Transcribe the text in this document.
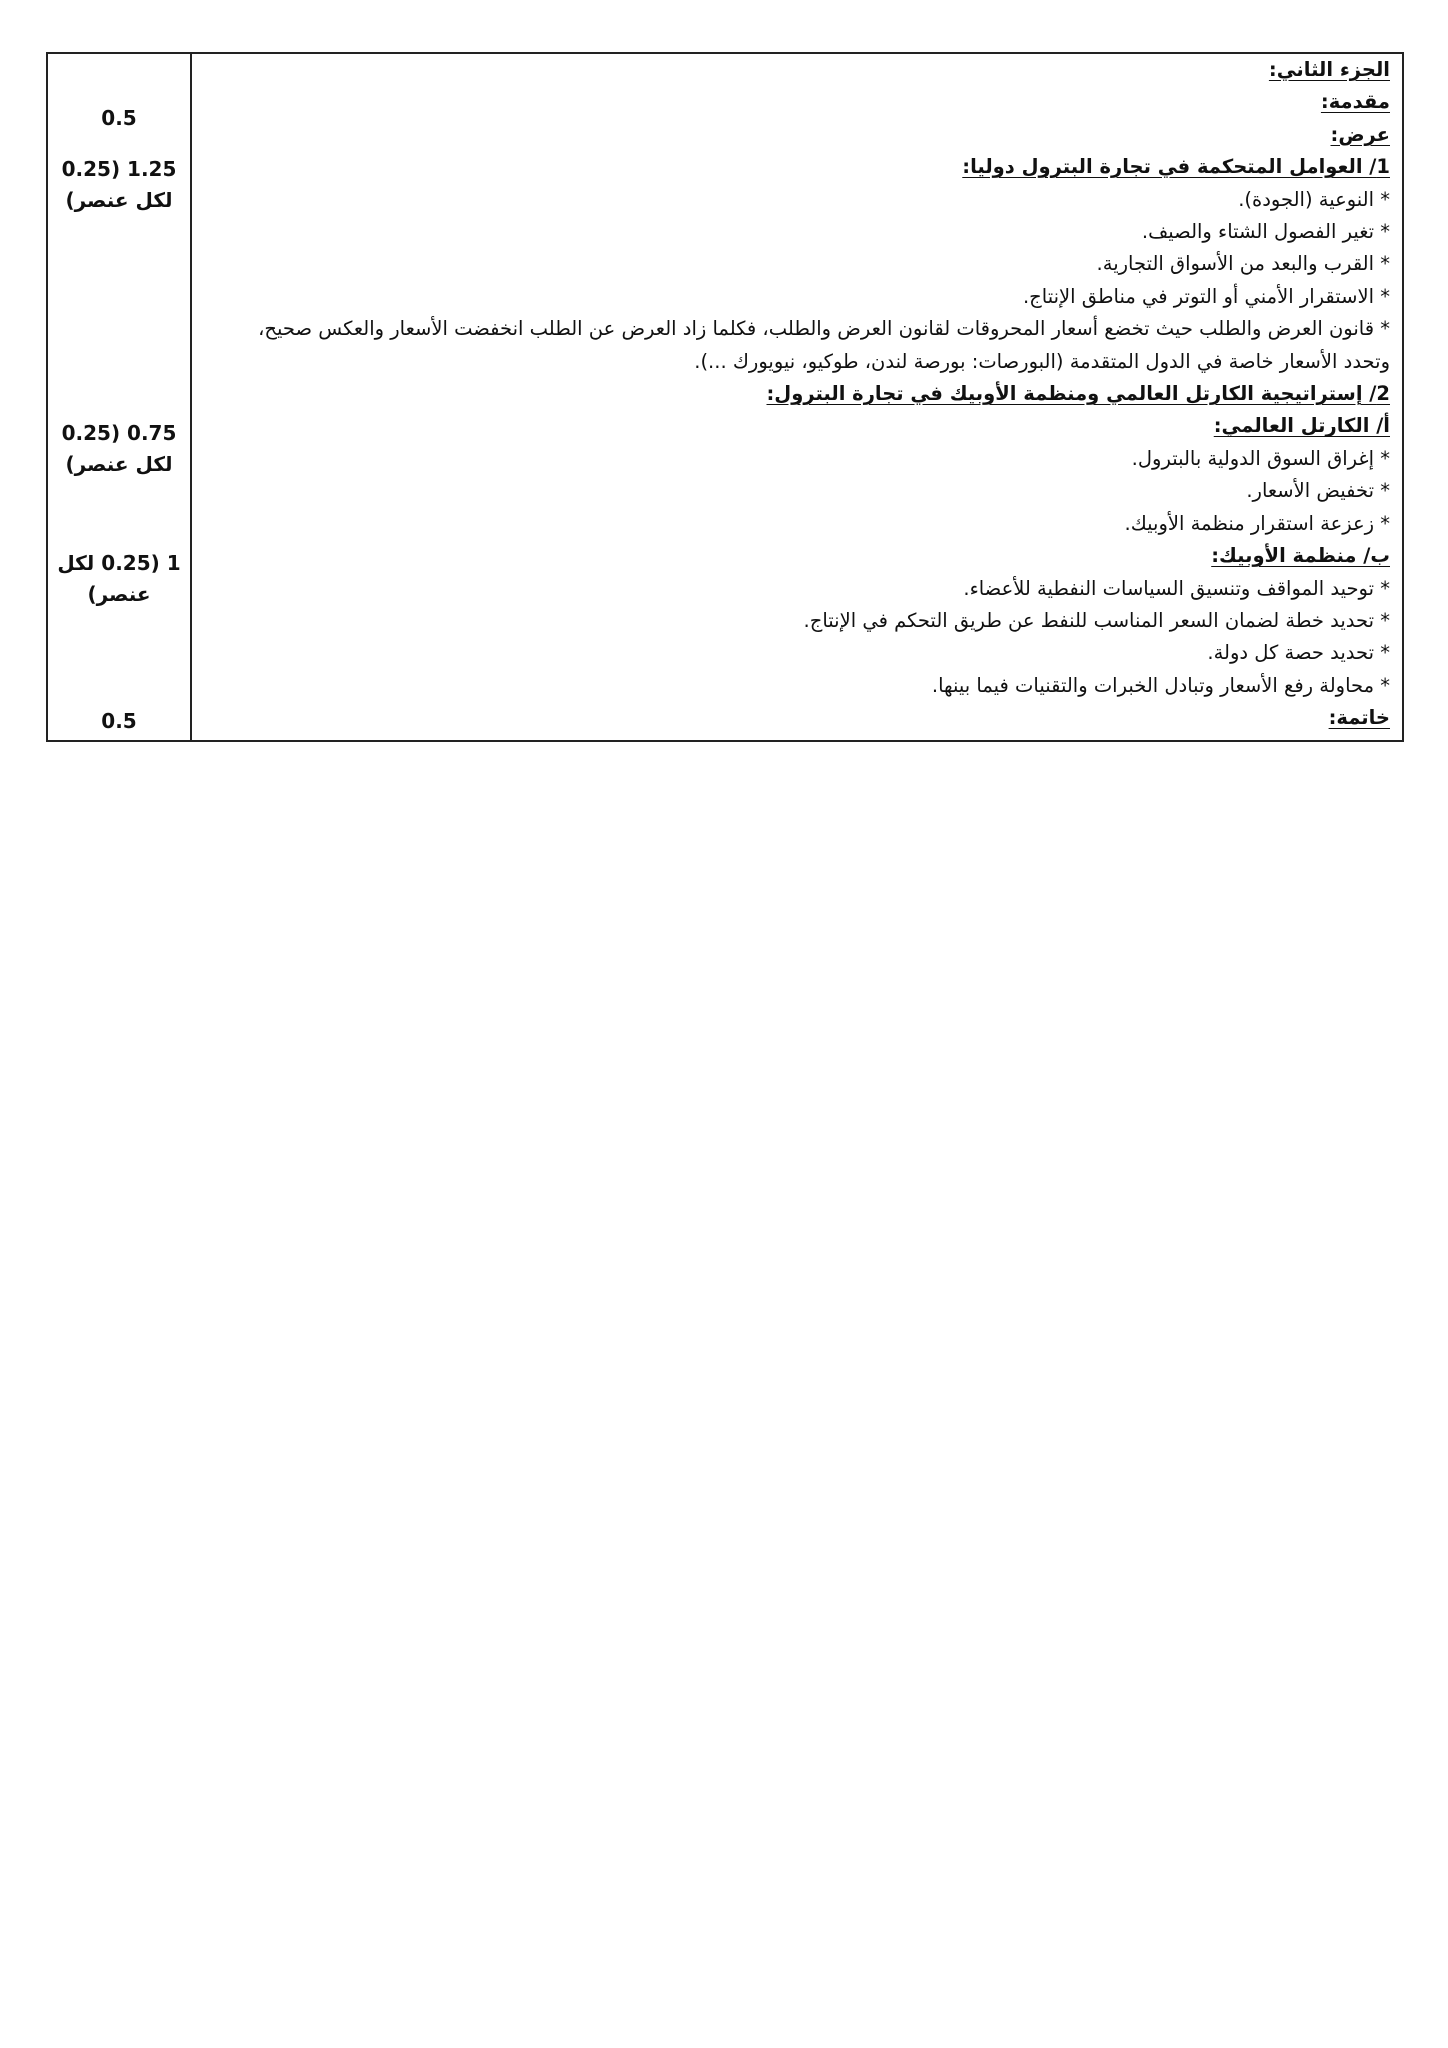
0.5
0.25) 1.25
لكل عنصر)
0.25) 0.75
لكل عنصر)
1 (0.25 لكل
عنصر)
0.5
الجزء الثاني:
مقدمة:
عرض:
1/ العوامل المتحكمة في تجارة البترول دوليا:
* النوعية (الجودة).
* تغير الفصول الشتاء والصيف.
* القرب والبعد من الأسواق التجارية.
* الاستقرار الأمني أو التوتر في مناطق الإنتاج.
* قانون العرض والطلب حيث تخضع أسعار المحروقات لقانون العرض والطلب، فكلما زاد العرض عن الطلب انخفضت الأسعار والعكس صحيح، وتحدد الأسعار خاصة في الدول المتقدمة (البورصات: بورصة لندن، طوكيو، نيويورك ...).
2/ إستراتيجية الكارتل العالمي ومنظمة الأوبيك في تجارة البترول:
أ/ الكارتل العالمي:
* إغراق السوق الدولية بالبترول.
* تخفيض الأسعار.
* زعزعة استقرار منظمة الأوبيك.
ب/ منظمة الأوبيك:
* توحيد المواقف وتنسيق السياسات النفطية للأعضاء.
* تحديد خطة لضمان السعر المناسب للنفط عن طريق التحكم في الإنتاج.
* تحديد حصة كل دولة.
* محاولة رفع الأسعار وتبادل الخبرات والتقنيات فيما بينها.
خاتمة:
